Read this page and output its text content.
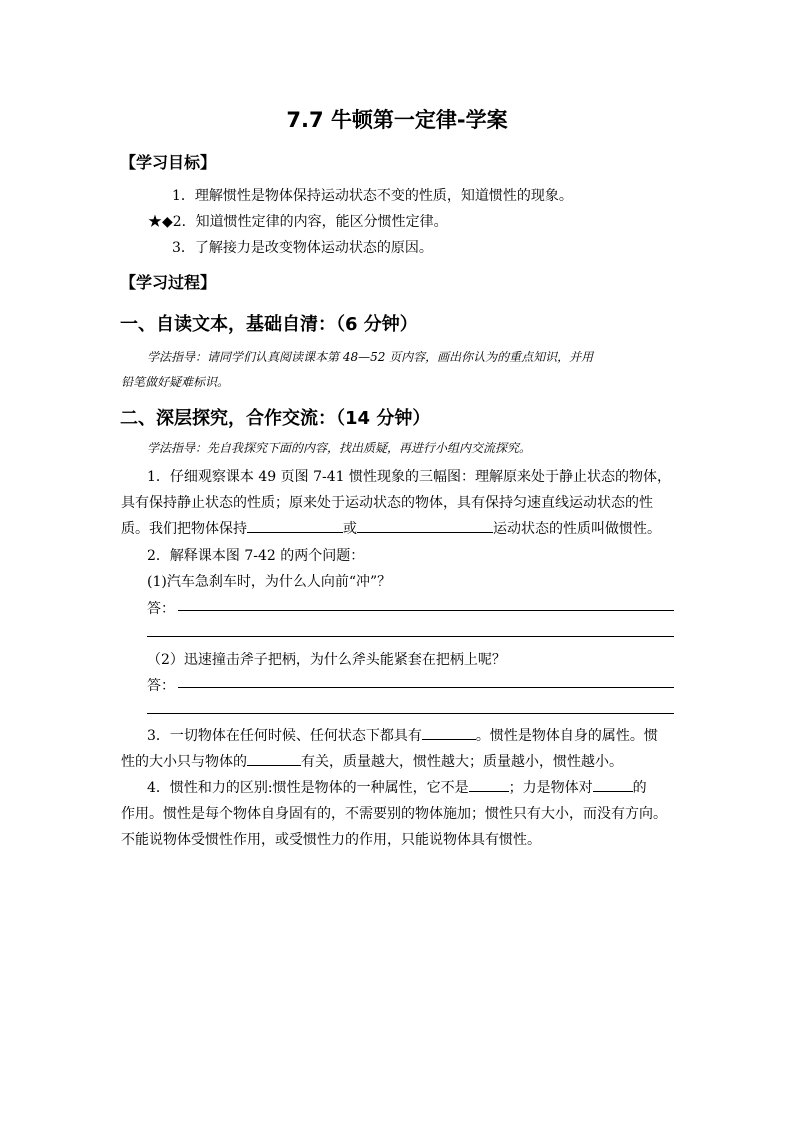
7.7 牛顿第一定律-学案
【学习目标】
1．理解惯性是物体保持运动状态不变的性质，知道惯性的现象。
★◆2．知道惯性定律的内容，能区分惯性定律。
3．了解接力是改变物体运动状态的原因。
【学习过程】
一、自读文本，基础自清：（6 分钟）
学法指导：请同学们认真阅读课本第 48—52 页内容，画出你认为的重点知识，并用
铅笔做好疑难标识。
二、深层探究，合作交流：（14 分钟）
学法指导：先自我探究下面的内容，找出质疑，再进行小组内交流探究。
1．仔细观察课本 49 页图 7-41 惯性现象的三幅图：理解原来处于静止状态的物体，
具有保持静止状态的性质；原来处于运动状态的物体，具有保持匀速直线运动状态的性
质。我们把物体保持	或	运动状态的性质叫做惯性。
2．解释课本图 7-42 的两个问题：
(1)汽车急刹车时，为什么人向前“冲”？
答：
（2）迅速撞击斧子把柄，为什么斧头能紧套在把柄上呢？
答：
3．一切物体在任何时候、任何状态下都具有	。惯性是物体自身的属性。惯
性的大小只与物体的	有关，质量越大，惯性越大；质量越小，惯性越小。
4．惯性和力的区别:惯性是物体的一种属性，它不是	；力是物体对	的
作用。惯性是每个物体自身固有的，不需要别的物体施加；惯性只有大小，而没有方向。
不能说物体受惯性作用，或受惯性力的作用，只能说物体具有惯性。
